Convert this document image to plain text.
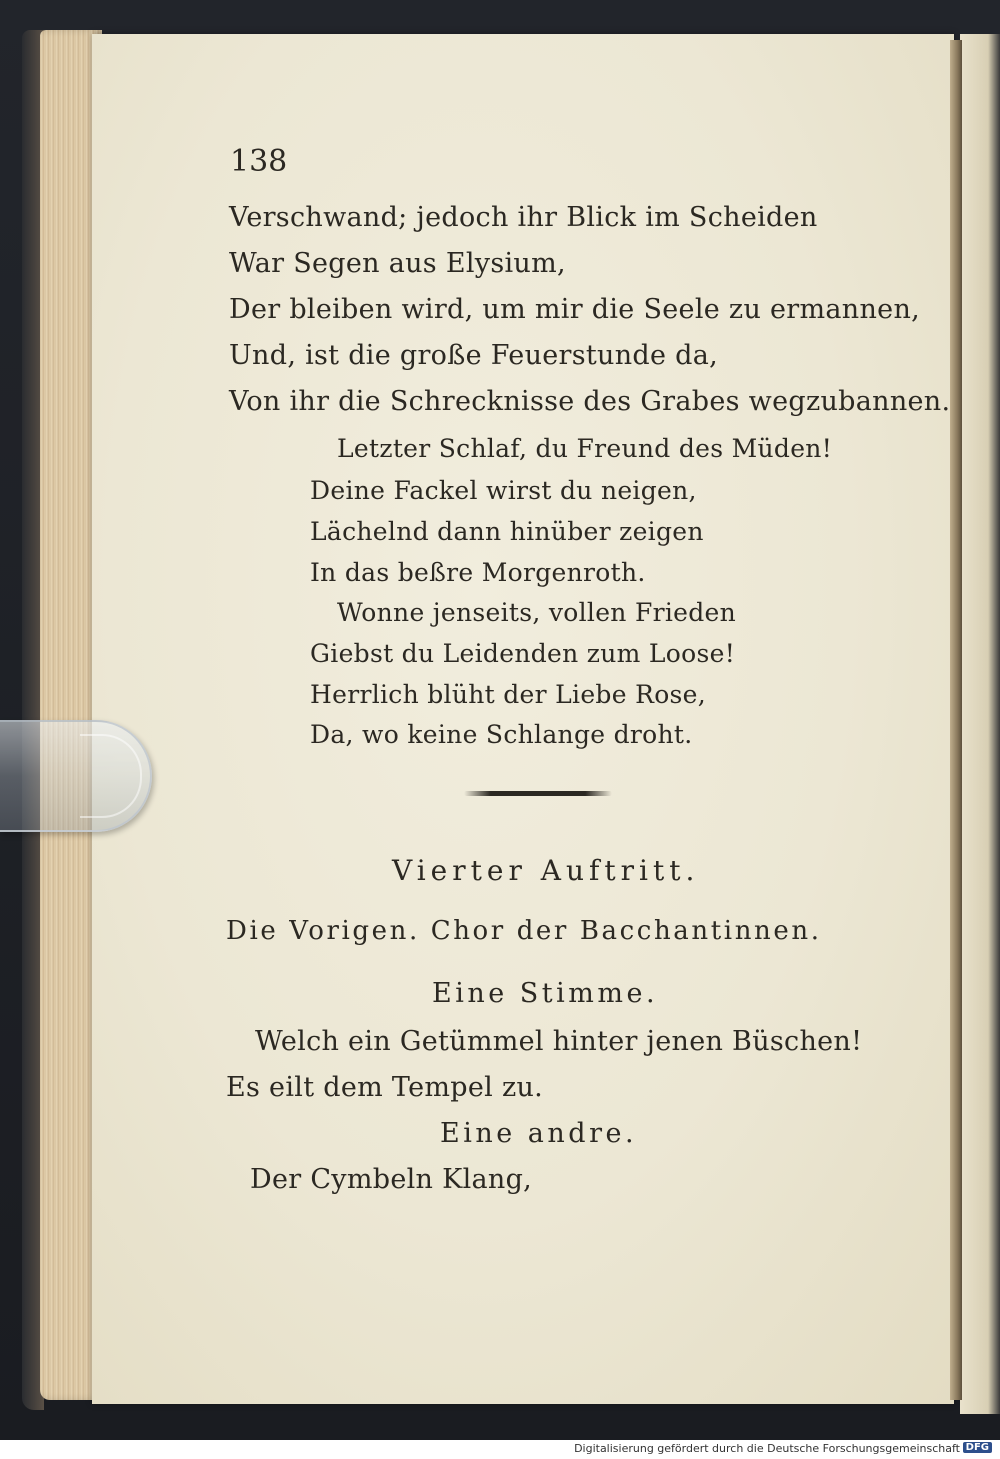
138
Verschwand; jedoch ihr Blick im Scheiden
War Segen aus Elysium,
Der bleiben wird, um mir die Seele zu ermannen,
Und, ist die große Feuerstunde da,
Von ihr die Schrecknisse des Grabes wegzubannen.
Letzter Schlaf, du Freund des Müden!
Deine Fackel wirst du neigen,
Lächelnd dann hinüber zeigen
In das beßre Morgenroth.
Wonne jenseits, vollen Frieden
Giebst du Leidenden zum Loose!
Herrlich blüht der Liebe Rose,
Da, wo keine Schlange droht.
Vierter Auftritt.
Die Vorigen. Chor der Bacchantinnen.
Eine Stimme.
Welch ein Getümmel hinter jenen Büschen!
Es eilt dem Tempel zu.
Eine andre.
Der Cymbeln Klang,
Digitalisierung gefördert durch die Deutsche Forschungsgemeinschaft DFG
